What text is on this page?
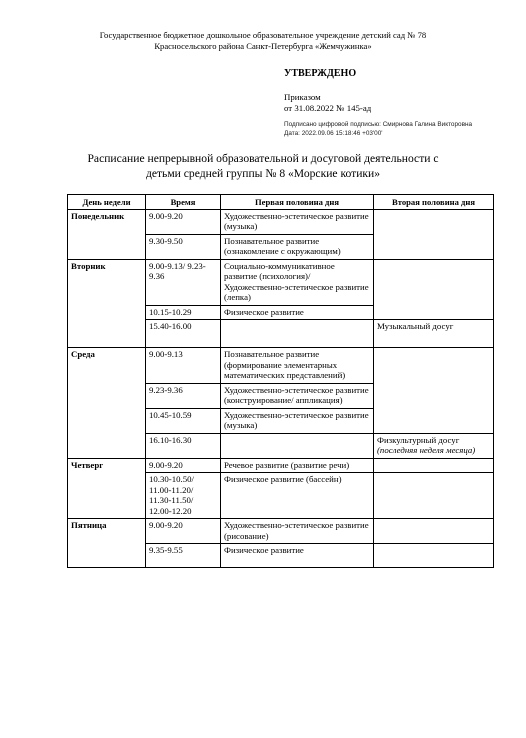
Государственное бюджетное дошкольное образовательное учреждение детский сад № 78
Красносельского района Санкт-Петербурга «Жемчужинка»
УТВЕРЖДЕНО
Приказом
от 31.08.2022 № 145-ад
Подписано цифровой подписью: Смирнова Галина Викторовна
Дата: 2022.09.06 15:18:46 +03'00'
Расписание непрерывной образовательной и досуговой деятельности с
детьми средней группы № 8 «Морские котики»
День недели	Время	Первая половина дня	Вторая половина дня
Понедельник	9.00-9.20	Художественно-эстетическое развитие (музыка)	
	9.30-9.50	Познавательное развитие (ознакомление с окружающим)	
Вторник	9.00-9.13/ 9.23-9.36	Социально-коммуникативное развитие (психология)/ Художественно-эстетическое развитие (лепка)	
	10.15-10.29	Физическое развитие	
	15.40-16.00		Музыкальный досуг
Среда	9.00-9.13	Познавательное развитие (формирование элементарных математических представлений)	
	9.23-9.36	Художественно-эстетическое развитие (конструирование/ аппликация)	
	10.45-10.59	Художественно-эстетическое развитие (музыка)	
	16.10-16.30		Физкультурный досуг (последняя неделя месяца)
Четверг	9.00-9.20	Речевое развитие (развитие речи)	
	10.30-10.50/ 11.00-11.20/ 11.30-11.50/ 12.00-12.20	Физическое развитие (бассейн)	
Пятница	9.00-9.20	Художественно-эстетическое развитие (рисование)	
	9.35-9.55	Физическое развитие	
